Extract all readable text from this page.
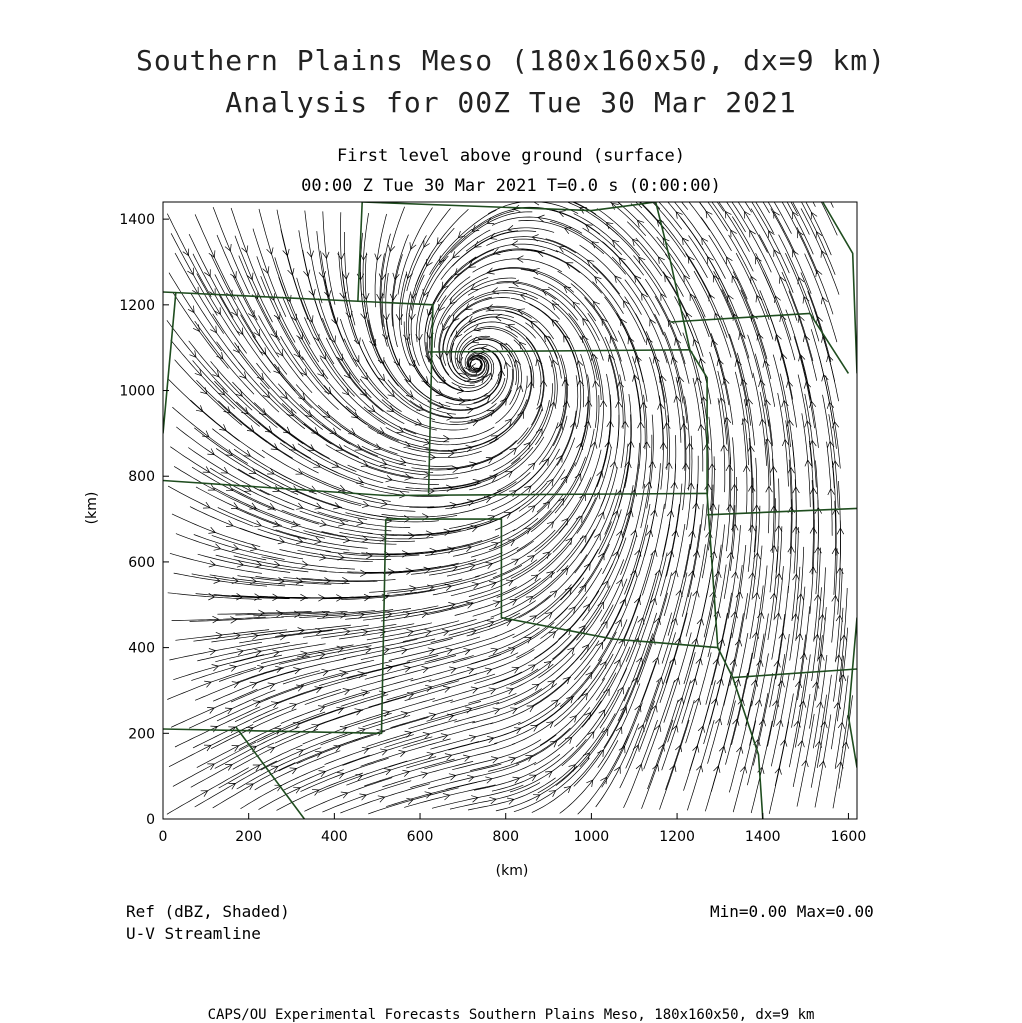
Southern Plains Meso (180x160x50, dx=9 km)
Analysis for 00Z Tue 30 Mar 2021
First level above ground (surface)
00:00 Z Tue 30 Mar 2021 T=0.0 s (0:00:00)
0	200	400	600	800	1000	1200	1400	1600
0
200
400
600
800
1000
1200
1400
(km)
(km)
Ref (dBZ, Shaded)
U-V Streamline
Min=0.00 Max=0.00
CAPS/OU Experimental Forecasts Southern Plains Meso, 180x160x50, dx=9 km
